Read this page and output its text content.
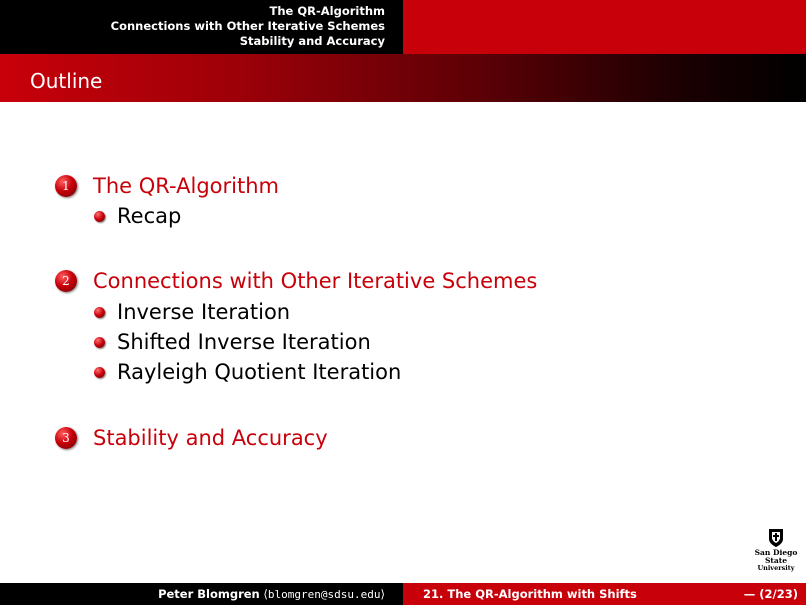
The QR-Algorithm
Connections with Other Iterative Schemes
Stability and Accuracy
Outline
1	The QR-Algorithm
Recap
2	Connections with Other Iterative Schemes
Inverse Iteration
Shifted Inverse Iteration
Rayleigh Quotient Iteration
3	Stability and Accuracy
San Diego State
University
Peter Blomgren ⟨blomgren@sdsu.edu⟩	21. The QR-Algorithm with Shifts	— (2/23)
